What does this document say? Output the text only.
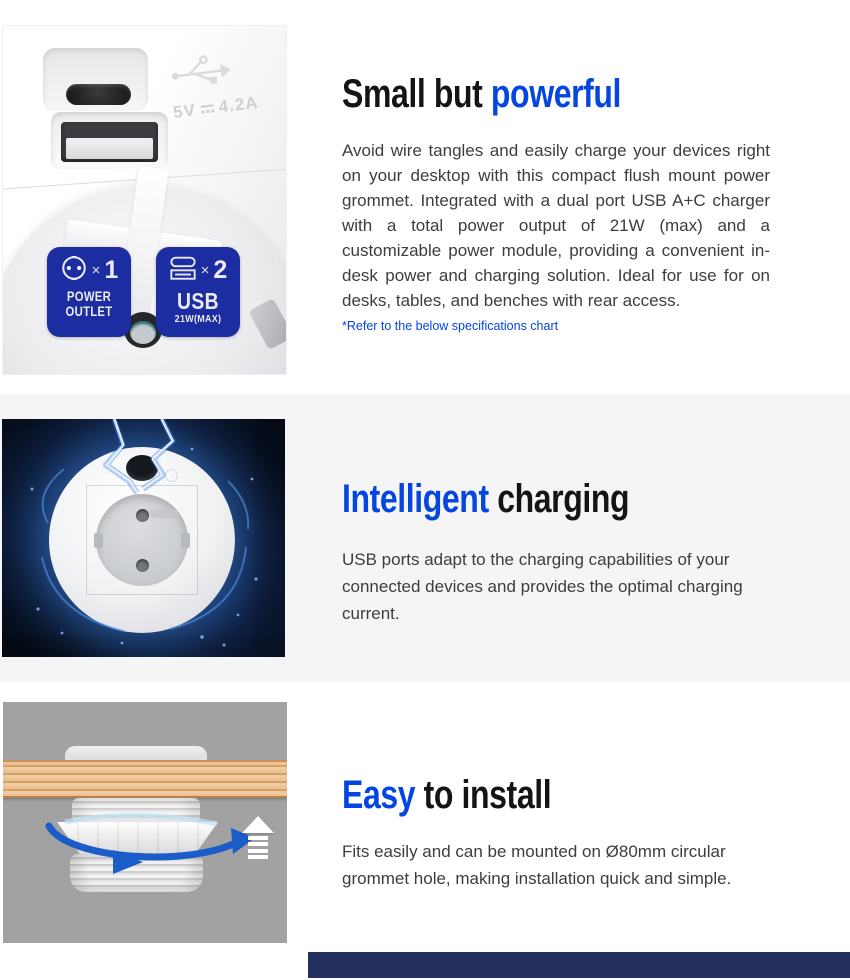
5V 4.2A
× 1
POWER
OUTLET
× 2
USB
21W(MAX)
Small but powerful

Avoid wire tangles and easily charge your devices right on your desktop with this compact flush mount power grommet. Integrated with a dual port USB A+C charger with a total power output of 21W (max) and a customizable power module, providing a convenient in-desk power and charging solution. Ideal for use for on desks, tables, and benches with rear access.

*Refer to the below specifications chart

Intelligent charging

USB ports adapt to the charging capabilities of your connected devices and provides the optimal charging current.

Easy to install

Fits easily and can be mounted on Ø80mm circular grommet hole, making installation quick and simple.
